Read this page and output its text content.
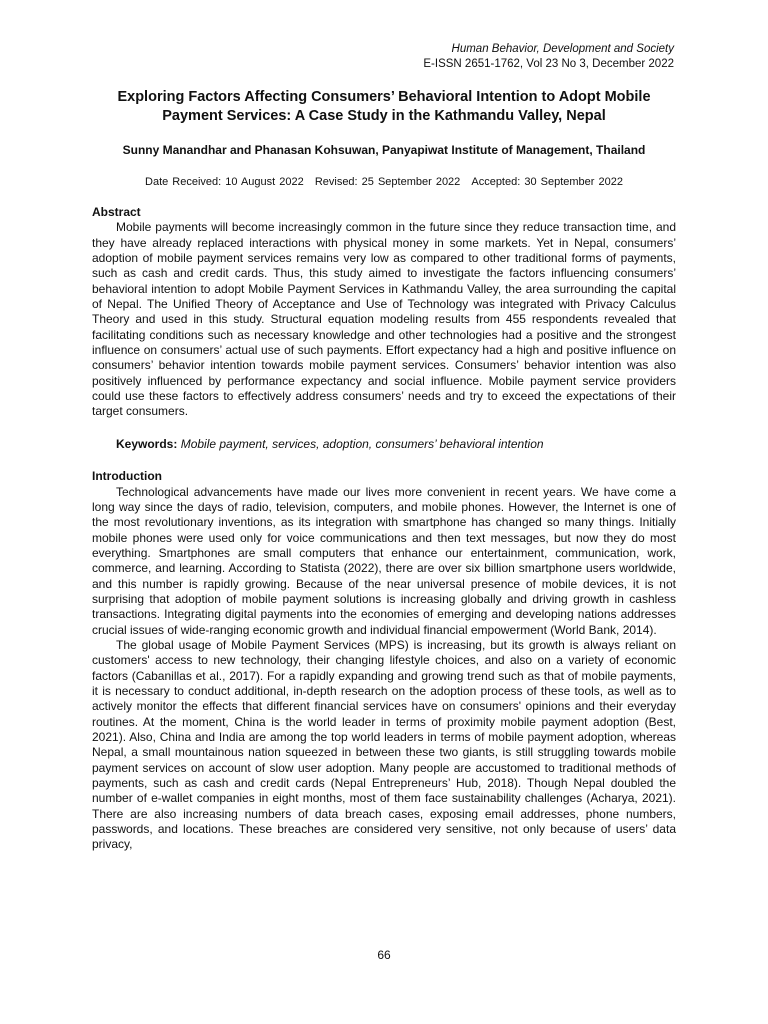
Human Behavior, Development and Society
E-ISSN 2651-1762, Vol 23 No 3, December 2022
Exploring Factors Affecting Consumers’ Behavioral Intention to Adopt Mobile Payment Services: A Case Study in the Kathmandu Valley, Nepal
Sunny Manandhar and Phanasan Kohsuwan, Panyapiwat Institute of Management, Thailand
Date Received: 10 August 2022 Revised: 25 September 2022 Accepted: 30 September 2022
Abstract

Mobile payments will become increasingly common in the future since they reduce transaction time, and they have already replaced interactions with physical money in some markets. Yet in Nepal, consumers’ adoption of mobile payment services remains very low as compared to other traditional forms of payments, such as cash and credit cards. Thus, this study aimed to investigate the factors influencing consumers’ behavioral intention to adopt Mobile Payment Services in Kathmandu Valley, the area surrounding the capital of Nepal. The Unified Theory of Acceptance and Use of Technology was integrated with Privacy Calculus Theory and used in this study. Structural equation modeling results from 455 respondents revealed that facilitating conditions such as necessary knowledge and other technologies had a positive and the strongest influence on consumers’ actual use of such payments. Effort expectancy had a high and positive influence on consumers’ behavior intention towards mobile payment services. Consumers’ behavior intention was also positively influenced by performance expectancy and social influence. Mobile payment service providers could use these factors to effectively address consumers’ needs and try to exceed the expectations of their target consumers.

Keywords: Mobile payment, services, adoption, consumers’ behavioral intention
Introduction

Technological advancements have made our lives more convenient in recent years. We have come a long way since the days of radio, television, computers, and mobile phones. However, the Internet is one of the most revolutionary inventions, as its integration with smartphone has changed so many things. Initially mobile phones were used only for voice communications and then text messages, but now they do most everything. Smartphones are small computers that enhance our entertainment, communication, work, commerce, and learning. According to Statista (2022), there are over six billion smartphone users worldwide, and this number is rapidly growing. Because of the near universal presence of mobile devices, it is not surprising that adoption of mobile payment solutions is increasing globally and driving growth in cashless transactions. Integrating digital payments into the economies of emerging and developing nations addresses crucial issues of wide-ranging economic growth and individual financial empowerment (World Bank, 2014).

The global usage of Mobile Payment Services (MPS) is increasing, but its growth is always reliant on customers' access to new technology, their changing lifestyle choices, and also on a variety of economic factors (Cabanillas et al., 2017). For a rapidly expanding and growing trend such as that of mobile payments, it is necessary to conduct additional, in-depth research on the adoption process of these tools, as well as to actively monitor the effects that different financial services have on consumers' opinions and their everyday routines. At the moment, China is the world leader in terms of proximity mobile payment adoption (Best, 2021). Also, China and India are among the top world leaders in terms of mobile payment adoption, whereas Nepal, a small mountainous nation squeezed in between these two giants, is still struggling towards mobile payment services on account of slow user adoption. Many people are accustomed to traditional methods of payments, such as cash and credit cards (Nepal Entrepreneurs’ Hub, 2018). Though Nepal doubled the number of e-wallet companies in eight months, most of them face sustainability challenges (Acharya, 2021). There are also increasing numbers of data breach cases, exposing email addresses, phone numbers, passwords, and locations. These breaches are considered very sensitive, not only because of users’ data privacy,

66
